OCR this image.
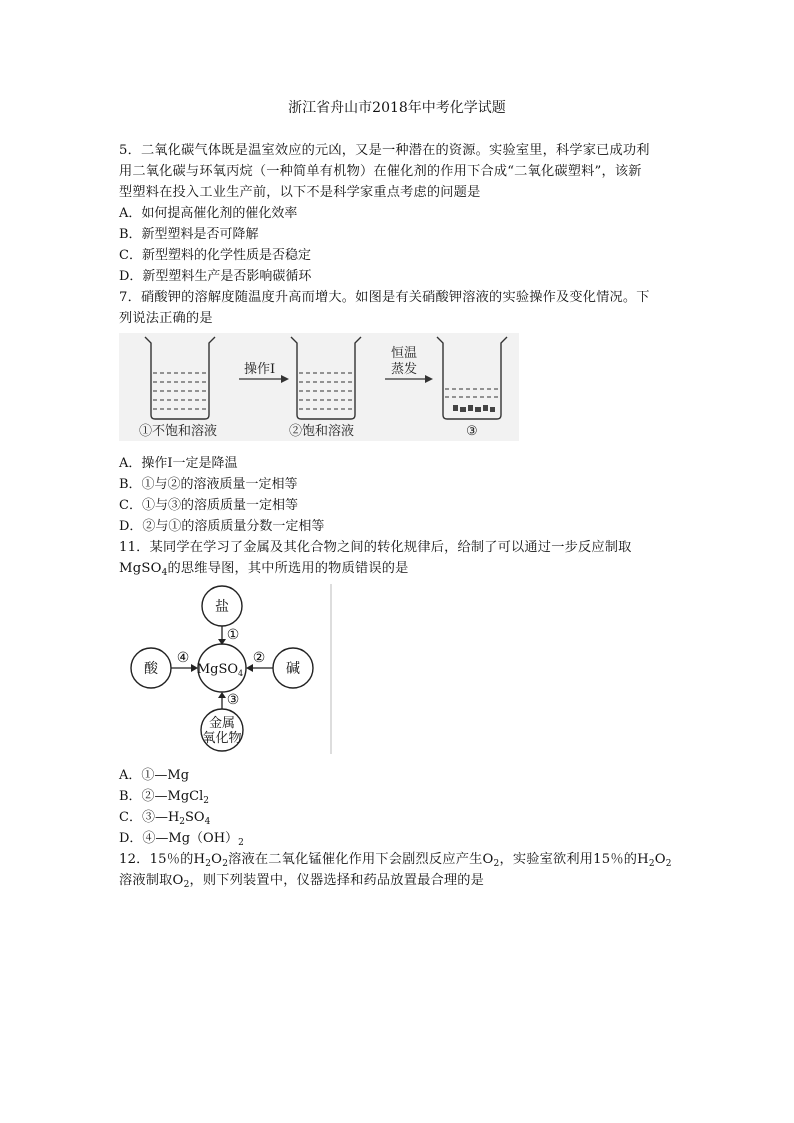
浙江省舟山市2018年中考化学试题
5．二氧化碳气体既是温室效应的元凶，又是一种潜在的资源。实验室里，科学家已成功利
用二氧化碳与环氧丙烷（一种简单有机物）在催化剂的作用下合成“二氧化碳塑料”，该新
型塑料在投入工业生产前，以下不是科学家重点考虑的问题是
A．如何提高催化剂的催化效率
B．新型塑料是否可降解
C．新型塑料的化学性质是否稳定
D．新型塑料生产是否影响碳循环
7．硝酸钾的溶解度随温度升高而增大。如图是有关硝酸钾溶液的实验操作及变化情况。下
列说法正确的是
操作Ⅰ
恒温
蒸发
①不饱和溶液	②饱和溶液	③
A．操作Ⅰ一定是降温
B．①与②的溶液质量一定相等
C．①与③的溶质质量一定相等
D．②与①的溶质质量分数一定相等
11．某同学在学习了金属及其化合物之间的转化规律后，给制了可以通过一步反应制取
MgSO$_4$的思维导图，其中所选用的物质错误的是
盐
酸	碱
金属
氧化物
MgSO$_4$
①
②
③
④
A．①—Mg
B．②—MgCl$_2$
C．$③—H_2SO_4$
D．$④—Mg(OH)_2$
12．15％的$H_2O_2$溶液在二氧化锰催化作用下会剧烈反应产生$O_2$，实验室欲利用15％的$H_2O_2$
溶液制取$O_2$，则下列装置中，仪器选择和药品放置最合理的是
